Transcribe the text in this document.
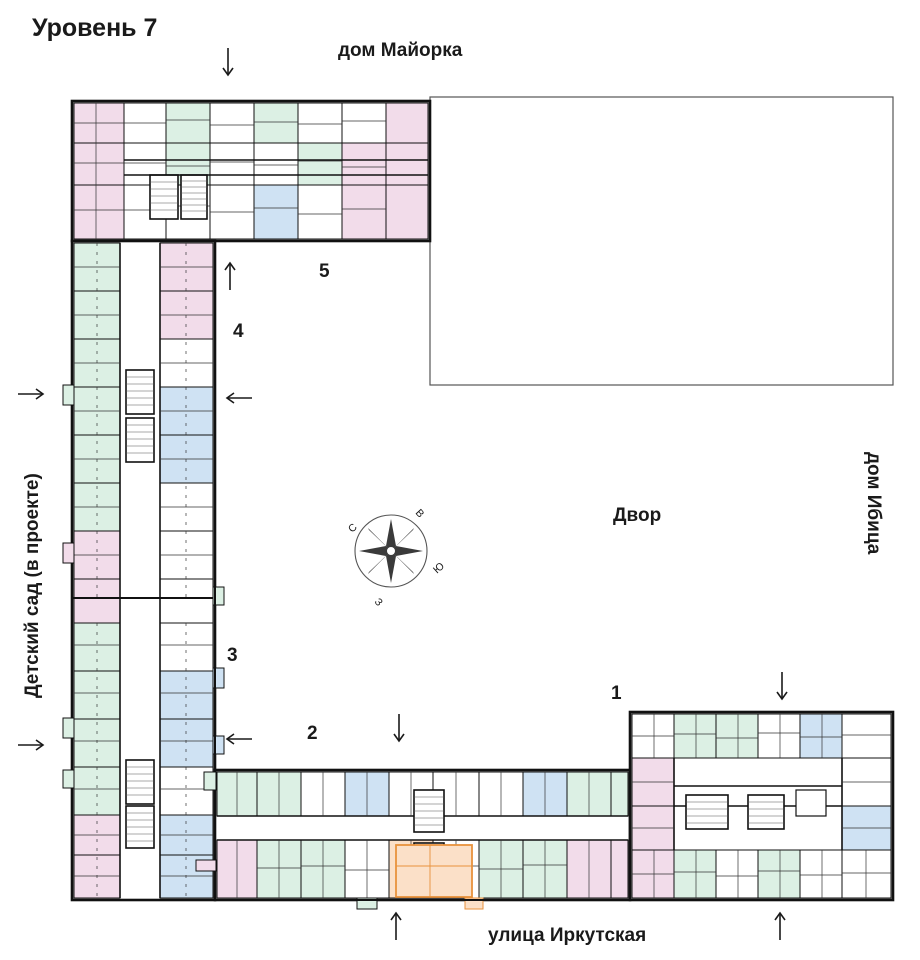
Уровень 7
дом Майорка
улица Иркутская
дом Ибица
Детский сад (в проекте)	Двор
1
2
3
4
5
С
В
Ю
З
